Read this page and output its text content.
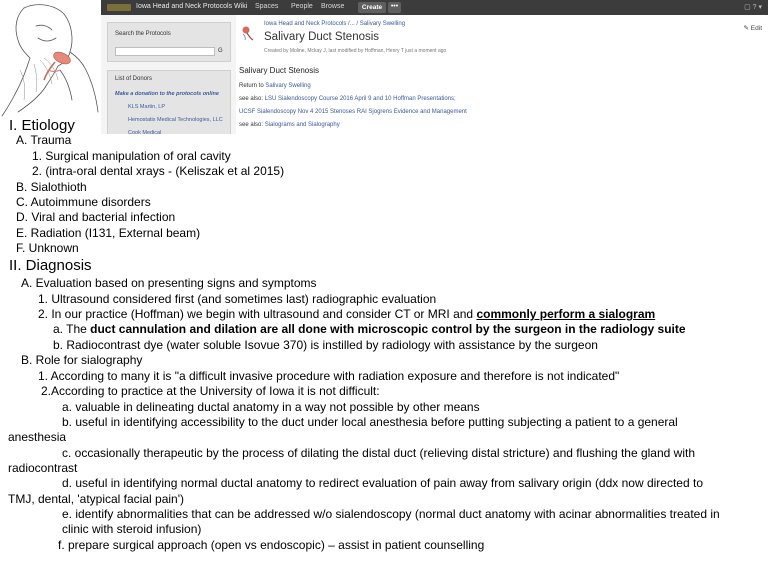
Iowa Head and Neck Protocols Wiki Spaces People Browse	Create	•••	▢ ? ▾
Search the Protocols
G
List of Donors
Make a donation to the protocols online
KLS Martin, LP
Hemostatix Medical Technologies, LLC
Cook Medical
Iowa Head and Neck Protocols /... / Salivary Swelling
Salivary Duct Stenosis
Created by Moline, Mckay J, last modified by Hoffman, Henry T just a moment ago
✎ Edit
Salivary Duct Stenosis
Return to Salivary Swelling
see also: LSU Sialendoscopy Course 2016 April 9 and 10 Hoffman Presentations;
UCSF Sialendoscopy Nov 4 2015 Stenoses RAI Sjogrens Evidence and Management
see also: Sialograms and Sialography
I. Etiology
A. Trauma
1. Surgical manipulation of oral cavity
2. (intra-oral dental xrays - (Keliszak et al 2015)
B. Sialothioth
C. Autoimmune disorders
D. Viral and bacterial infection
E. Radiation (I131, External beam)
F. Unknown
II. Diagnosis
A. Evaluation based on presenting signs and symptoms
1. Ultrasound considered first (and sometimes last) radiographic evaluation
2. In our practice (Hoffman) we begin with ultrasound and consider CT or MRI and commonly perform a sialogram
a. The duct cannulation and dilation are all done with microscopic control by the surgeon in the radiology suite
b. Radiocontrast dye (water soluble Isovue 370) is instilled by radiology with assistance by the surgeon
B. Role for sialography
1. According to many it is "a difficult invasive procedure with radiation exposure and therefore is not indicated"
2.According to practice at the University of Iowa it is not difficult:
a. valuable in delineating ductal anatomy in a way not possible by other means
b. useful in identifying accessibility to the duct under local anesthesia before putting subjecting a patient to a general
anesthesia
c. occasionally therapeutic by the process of dilating the distal duct (relieving distal stricture) and flushing the gland with
radiocontrast
d. useful in identifying normal ductal anatomy to redirect evaluation of pain away from salivary origin (ddx now directed to
TMJ, dental, 'atypical facial pain')
e. identify abnormalities that can be addressed w/o sialendoscopy (normal duct anatomy with acinar abnormalities treated in
clinic with steroid infusion)
f. prepare surgical approach (open vs endoscopic) – assist in patient counselling
